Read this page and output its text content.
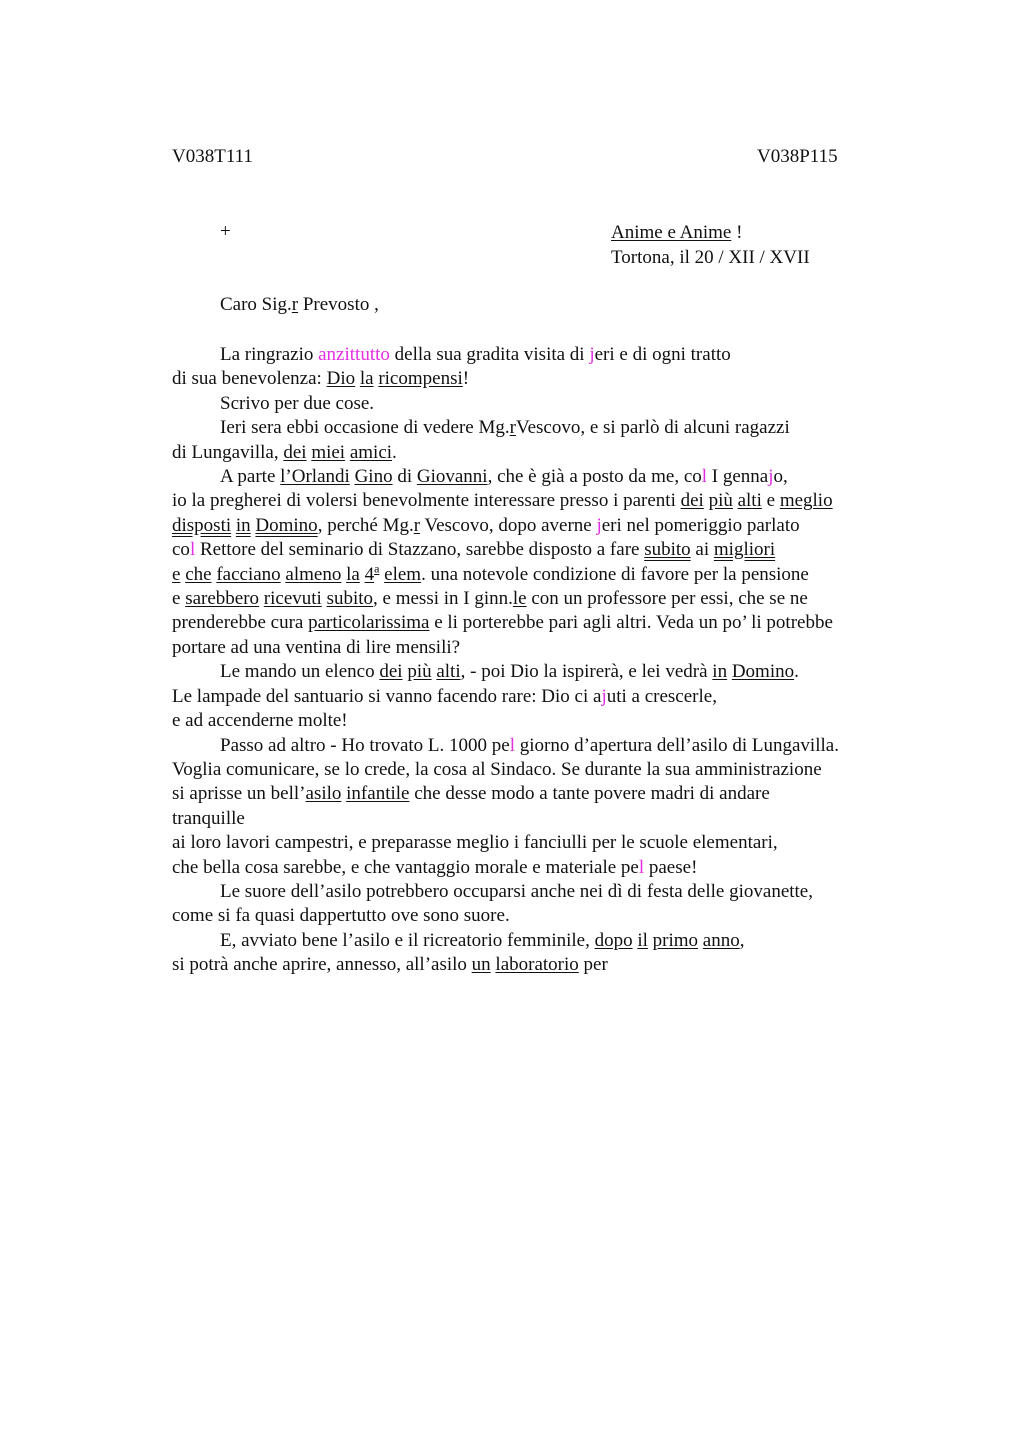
V038T111	V038P115
+	Anime e Anime !
Tortona, il 20 / XII / XVII
Caro Sig.r Prevosto ,
La ringrazio anzittutto della sua gradita visita di jeri e di ogni tratto
di sua benevolenza: Dio la ricompensi!
Scrivo per due cose.
Ieri sera ebbi occasione di vedere Mg.rVescovo, e si parlò di alcuni ragazzi
di Lungavilla, dei miei amici.
A parte l’Orlandi Gino di Giovanni, che è già a posto da me, col I gennajo,
io la pregherei di volersi benevolmente interessare presso i parenti dei più alti e meglio
disposti in Domino, perché Mg.r Vescovo, dopo averne jeri nel pomeriggio parlato
col Rettore del seminario di Stazzano, sarebbe disposto a fare subito ai migliori
e che facciano almeno la 4$^a$ elem. una notevole condizione di favore per la pensione
e sarebbero ricevuti subito, e messi in I ginn.le con un professore per essi, che se ne
prenderebbe cura particolarissima e li porterebbe pari agli altri. Veda un po’ li potrebbe
portare ad una ventina di lire mensili?
Le mando un elenco dei più alti, - poi Dio la ispirerà, e lei vedrà in Domino.
Le lampade del santuario si vanno facendo rare: Dio ci ajuti a crescerle,
e ad accenderne molte!
Passo ad altro - Ho trovato L. 1000 pel giorno d’apertura dell’asilo di Lungavilla.
Voglia comunicare, se lo crede, la cosa al Sindaco. Se durante la sua amministrazione
si aprisse un bell’asilo infantile che desse modo a tante povere madri di andare
tranquille
ai loro lavori campestri, e preparasse meglio i fanciulli per le scuole elementari,
che bella cosa sarebbe, e che vantaggio morale e materiale pel paese!
Le suore dell’asilo potrebbero occuparsi anche nei dì di festa delle giovanette,
come si fa quasi dappertutto ove sono suore.
E, avviato bene l’asilo e il ricreatorio femminile, dopo il primo anno,
si potrà anche aprire, annesso, all’asilo un laboratorio per
